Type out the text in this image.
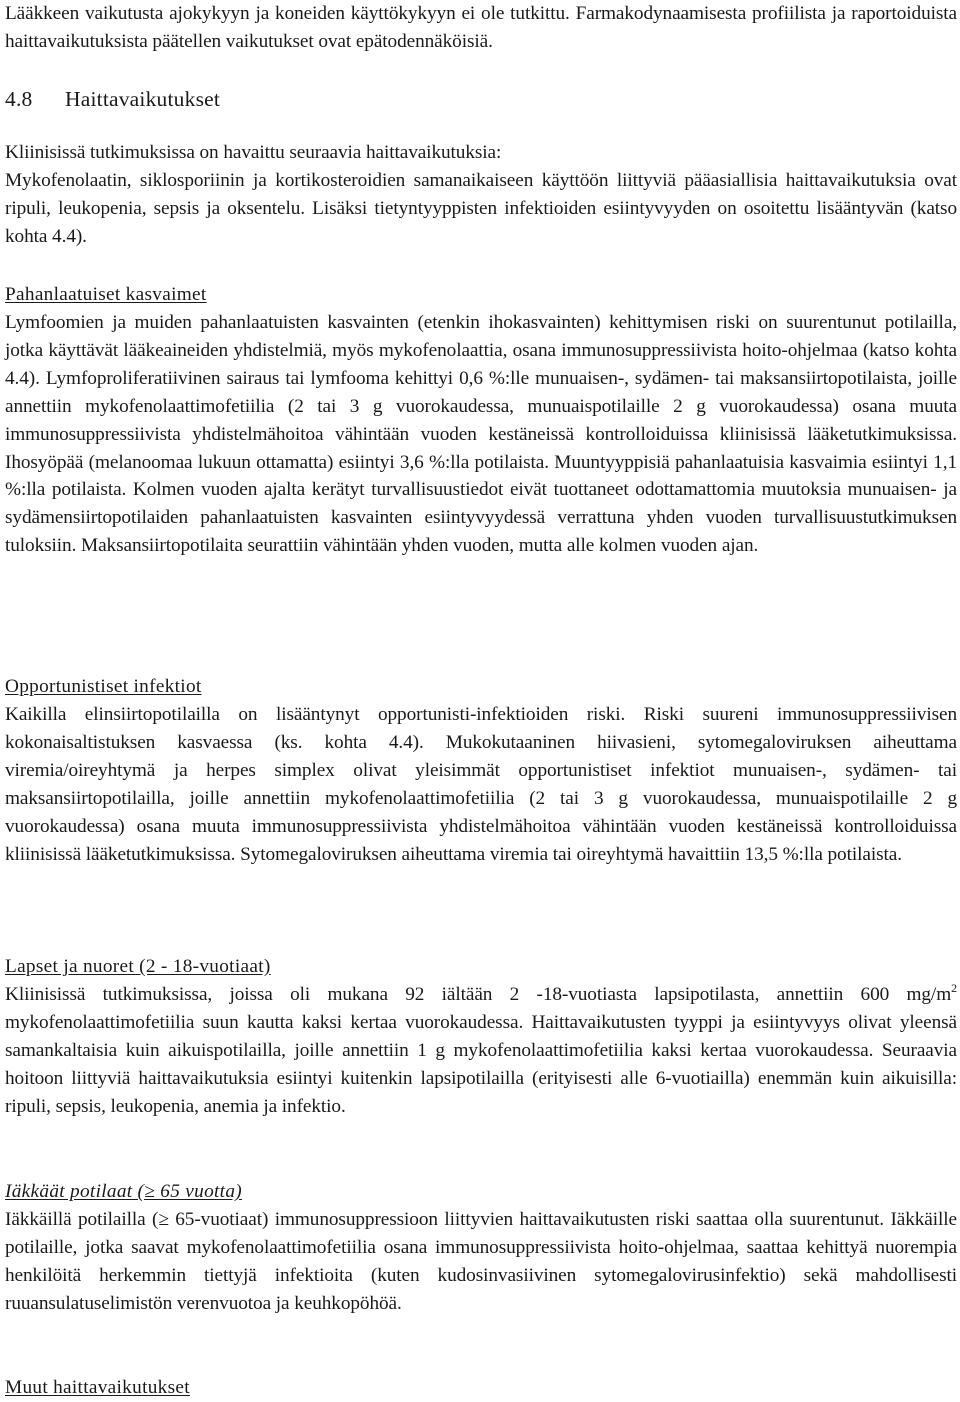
Lääkkeen vaikutusta ajokykyyn ja koneiden käyttökykyyn ei ole tutkittu. Farmakodynaamisesta profiilista ja raportoiduista haittavaikutuksista päätellen vaikutukset ovat epätodennäköisiä.
4.8 Haittavaikutukset
Kliinisissä tutkimuksissa on havaittu seuraavia haittavaikutuksia:
Mykofenolaatin, siklosporiinin ja kortikosteroidien samanaikaiseen käyttöön liittyviä pääasiallisia haittavaikutuksia ovat ripuli, leukopenia, sepsis ja oksentelu. Lisäksi tietyntyyppisten infektioiden esiintyvyyden on osoitettu lisääntyvän (katso kohta 4.4).
Pahanlaatuiset kasvaimet
Lymfoomien ja muiden pahanlaatuisten kasvainten (etenkin ihokasvainten) kehittymisen riski on suurentunut potilailla, jotka käyttävät lääkeaineiden yhdistelmiä, myös mykofenolaattia, osana immunosuppressiivista hoito-ohjelmaa (katso kohta 4.4). Lymfoproliferatiivinen sairaus tai lymfooma kehittyi 0,6 %:lle munuaisen-, sydämen- tai maksansiirtopotilaista, joille annettiin mykofenolaattimofetiilia (2 tai 3 g vuorokaudessa, munuaispotilaille 2 g vuorokaudessa) osana muuta immunosuppressiivista yhdistelmähoitoa vähintään vuoden kestäneissä kontrolloiduissa kliinisissä lääketutkimuksissa. Ihosyöpää (melanoomaa lukuun ottamatta) esiintyi 3,6 %:lla potilaista. Muuntyyppisiä pahanlaatuisia kasvaimia esiintyi 1,1 %:lla potilaista. Kolmen vuoden ajalta kerätyt turvallisuustiedot eivät tuottaneet odottamattomia muutoksia munuaisen- ja sydämensiirtopotilaiden pahanlaatuisten kasvainten esiintyvyydessä verrattuna yhden vuoden turvallisuustutkimuksen tuloksiin. Maksansiirtopotilaita seurattiin vähintään yhden vuoden, mutta alle kolmen vuoden ajan.
Opportunistiset infektiot
Kaikilla elinsiirtopotilailla on lisääntynyt opportunisti-infektioiden riski. Riski suureni immunosuppressiivisen kokonaisaltistuksen kasvaessa (ks. kohta 4.4). Mukokutaaninen hiivasieni, sytomegaloviruksen aiheuttama viremia/oireyhtymä ja herpes simplex olivat yleisimmät opportunistiset infektiot munuaisen-, sydämen- tai maksansiirtopotilailla, joille annettiin mykofenolaattimofetiilia (2 tai 3 g vuorokaudessa, munuaispotilaille 2 g vuorokaudessa) osana muuta immunosuppressiivista yhdistelmähoitoa vähintään vuoden kestäneissä kontrolloiduissa kliinisissä lääketutkimuksissa. Sytomegaloviruksen aiheuttama viremia tai oireyhtymä havaittiin 13,5 %:lla potilaista.
Lapset ja nuoret (2 - 18-vuotiaat)
Kliinisissä tutkimuksissa, joissa oli mukana 92 iältään 2 -18-vuotiasta lapsipotilasta, annettiin 600 $mg/m^2$ mykofenolaattimofetiilia suun kautta kaksi kertaa vuorokaudessa. Haittavaikutusten tyyppi ja esiintyvyys olivat yleensä samankaltaisia kuin aikuispotilailla, joille annettiin 1 g mykofenolaattimofetiilia kaksi kertaa vuorokaudessa. Seuraavia hoitoon liittyviä haittavaikutuksia esiintyi kuitenkin lapsipotilailla (erityisesti alle 6-vuotiailla) enemmän kuin aikuisilla: ripuli, sepsis, leukopenia, anemia ja infektio.
Iäkkäät potilaat (≥ 65 vuotta)
Iäkkäillä potilailla (≥ 65-vuotiaat) immunosuppressioon liittyvien haittavaikutusten riski saattaa olla suurentunut. Iäkkäille potilaille, jotka saavat mykofenolaattimofetiilia osana immunosuppressiivista hoito-ohjelmaa, saattaa kehittyä nuorempia henkilöitä herkemmin tiettyjä infektioita (kuten kudosinvasiivinen sytomegalovirusinfektio) sekä mahdollisesti ruuansulatuselimistön verenvuotoa ja keuhkopöhöä.
Muut haittavaikutukset
